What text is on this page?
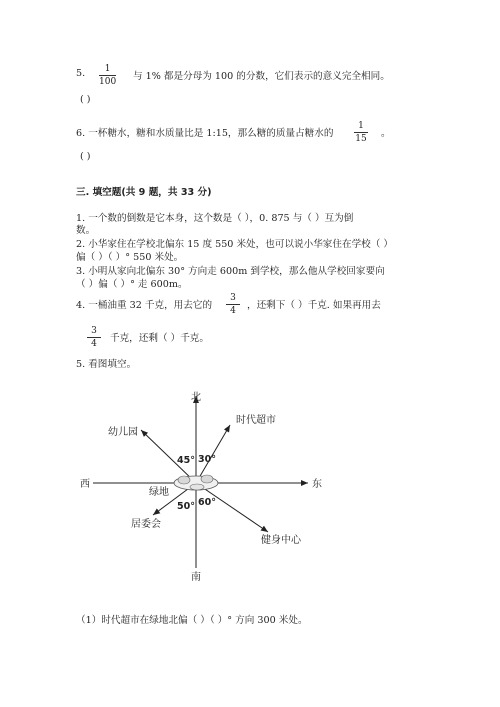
5. 1
100 与 1% 都是分母为 100 的分数，它们表示的意义完全相同。
( )
6. 一杯糖水，糖和水质量比是 1:15，那么糖的质量占糖水的
1
15 。
( )
三. 填空题(共 9 题，共 33 分)
1. 一个数的倒数是它本身，这个数是（ ），0. 875 与（ ）互为倒
数。
2. 小华家住在学校北偏东 15 度 550 米处，也可以说小华家住在学校（ ）
偏（ ）（ ）° 550 米处。
3. 小明从家向北偏东 30° 方向走 600m 到学校，那么他从学校回家要向
（ ）偏（ ）° 走 600m。
4. 一桶油重 32 千克，用去它的
3
4 ，还剩下（ ）千克. 如果再用去
3
4 千克，还剩（ ）千克。
5. 看图填空。
北
南
西	东
幼儿园
时代超市
居委会
健身中心
绿地
45° 30°
50° 60°
（1）时代超市在绿地北偏（ ）（ ）° 方向 300 米处。
